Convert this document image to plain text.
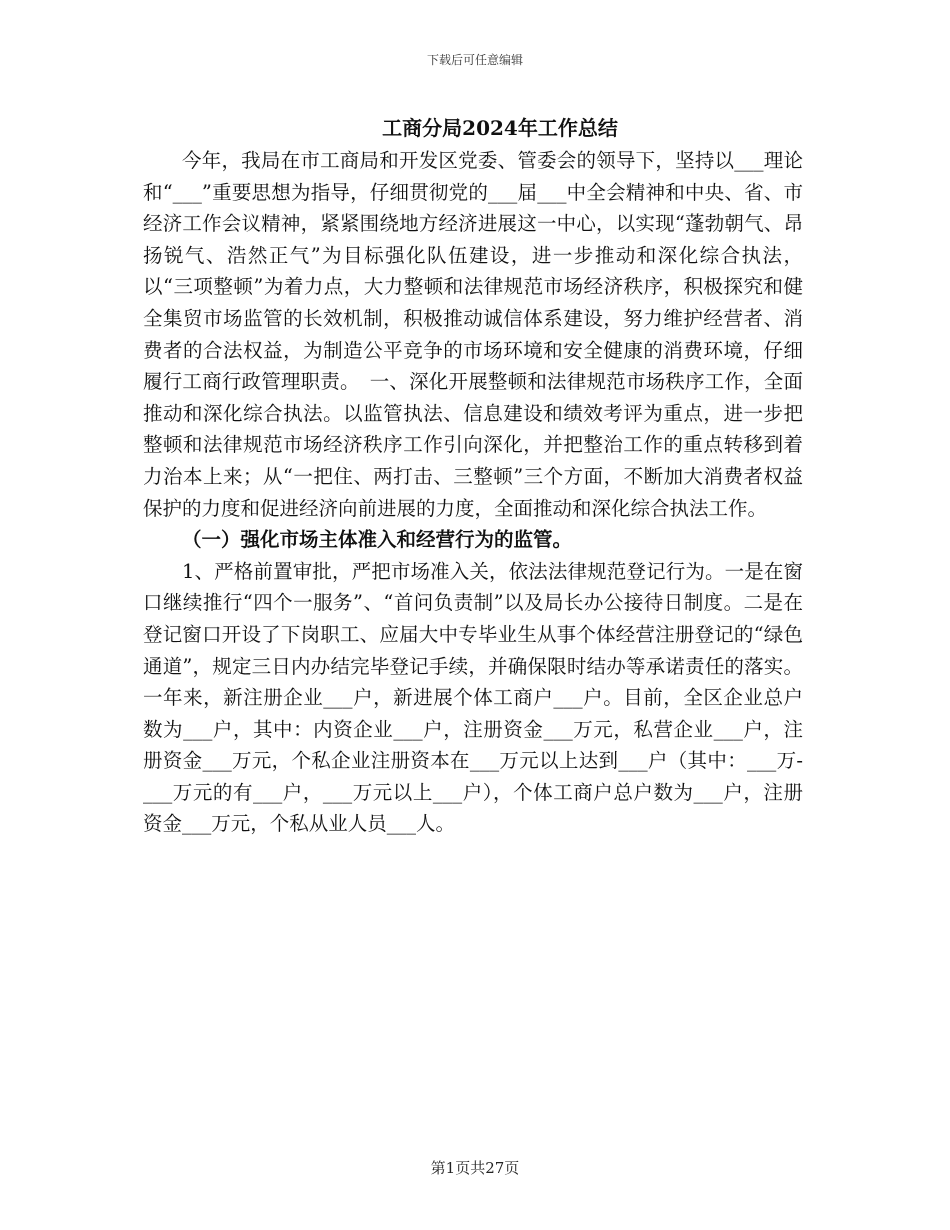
下载后可任意编辑
工商分局2024年工作总结

今年，我局在市工商局和开发区党委、管委会的领导下，坚持以___理论和“___”重要思想为指导，仔细贯彻党的___届___中全会精神和中央、省、市经济工作会议精神，紧紧围绕地方经济进展这一中心，以实现“蓬勃朝气、昂扬锐气、浩然正气”为目标强化队伍建设，进一步推动和深化综合执法，以“三项整顿”为着力点，大力整顿和法律规范市场经济秩序，积极探究和健全集贸市场监管的长效机制，积极推动诚信体系建设，努力维护经营者、消费者的合法权益，为制造公平竞争的市场环境和安全健康的消费环境，仔细履行工商行政管理职责。　一、深化开展整顿和法律规范市场秩序工作，全面推动和深化综合执法。以监管执法、信息建设和绩效考评为重点，进一步把整顿和法律规范市场经济秩序工作引向深化，并把整治工作的重点转移到着力治本上来；从“一把住、两打击、三整顿”三个方面，不断加大消费者权益保护的力度和促进经济向前进展的力度，全面推动和深化综合执法工作。

（一）强化市场主体准入和经营行为的监管。

1、严格前置审批，严把市场准入关，依法法律规范登记行为。一是在窗口继续推行“四个一服务”、“首问负责制”以及局长办公接待日制度。二是在登记窗口开设了下岗职工、应届大中专毕业生从事个体经营注册登记的“绿色通道”，规定三日内办结完毕登记手续，并确保限时结办等承诺责任的落实。一年来，新注册企业___户，新进展个体工商户___户。目前，全区企业总户数为___户，其中：内资企业___户，注册资金___万元，私营企业___户，注册资金___万元，个私企业注册资本在___万元以上达到___户（其中：___万-___万元的有___户，___万元以上___户），个体工商户总户数为___户，注册资金___万元，个私从业人员___人。

第1页共27页
